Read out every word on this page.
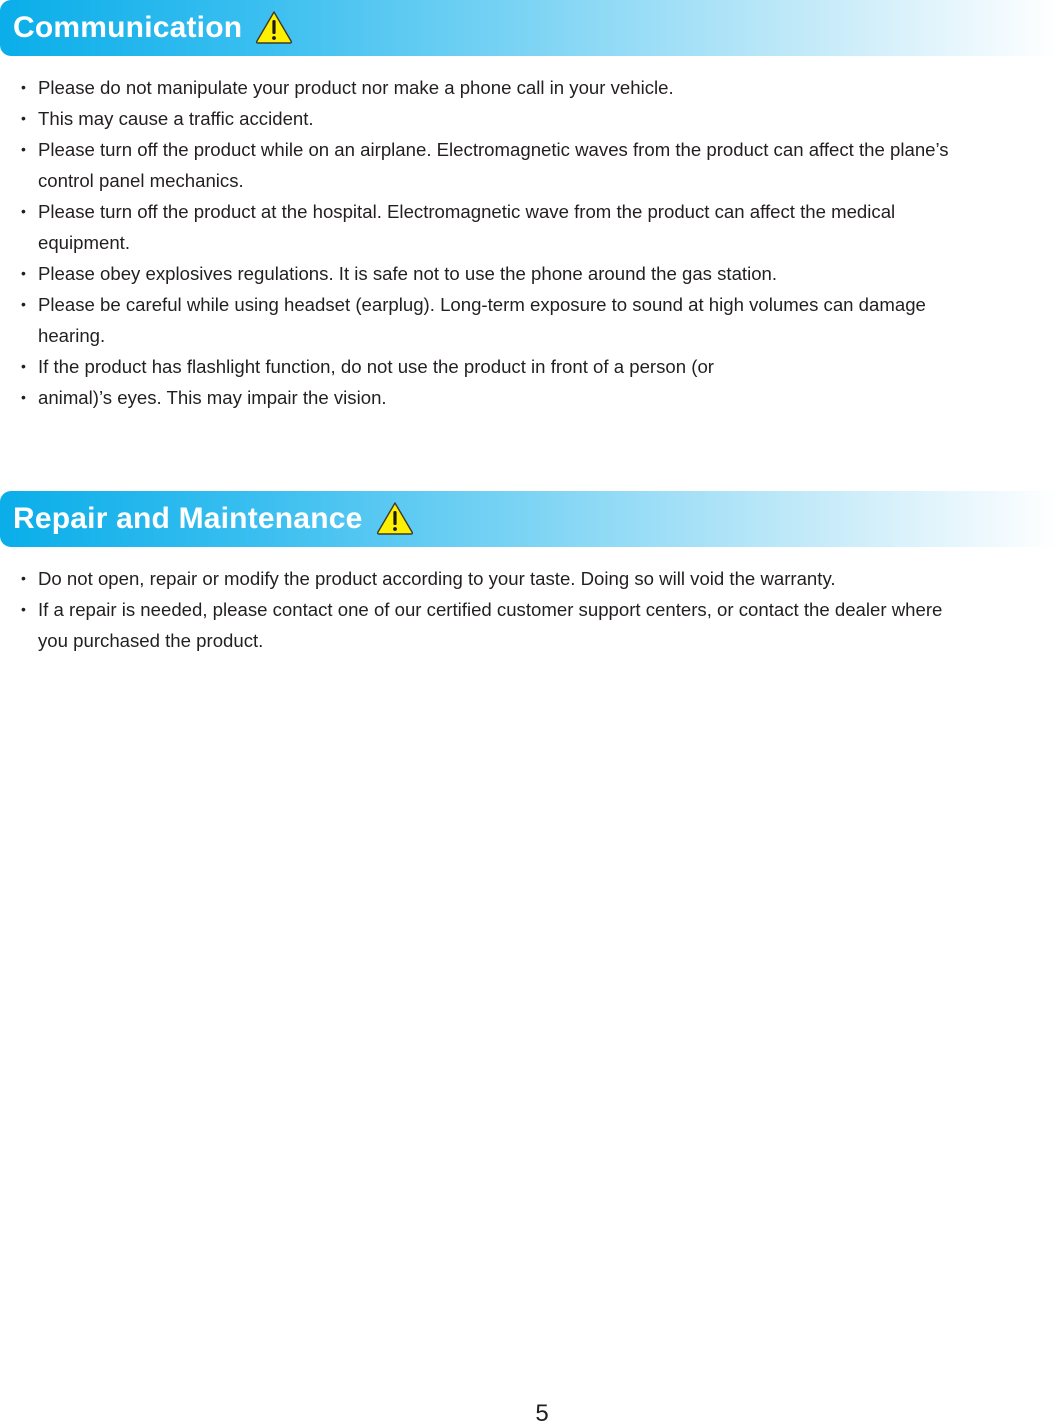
Communication
• Please do not manipulate your product nor make a phone call in your vehicle.
• This may cause a traffic accident.
• Please turn off the product while on an airplane. Electromagnetic waves from the product can affect the plane’s
control panel mechanics.
• Please turn off the product at the hospital. Electromagnetic wave from the product can affect the medical
equipment.
• Please obey explosives regulations. It is safe not to use the phone around the gas station.
• Please be careful while using headset (earplug). Long-term exposure to sound at high volumes can damage
hearing.
• If the product has flashlight function, do not use the product in front of a person (or
• animal)’s eyes. This may impair the vision.
Repair and Maintenance
• Do not open, repair or modify the product according to your taste. Doing so will void the warranty.
• If a repair is needed, please contact one of our certified customer support centers, or contact the dealer where
you purchased the product.
5
